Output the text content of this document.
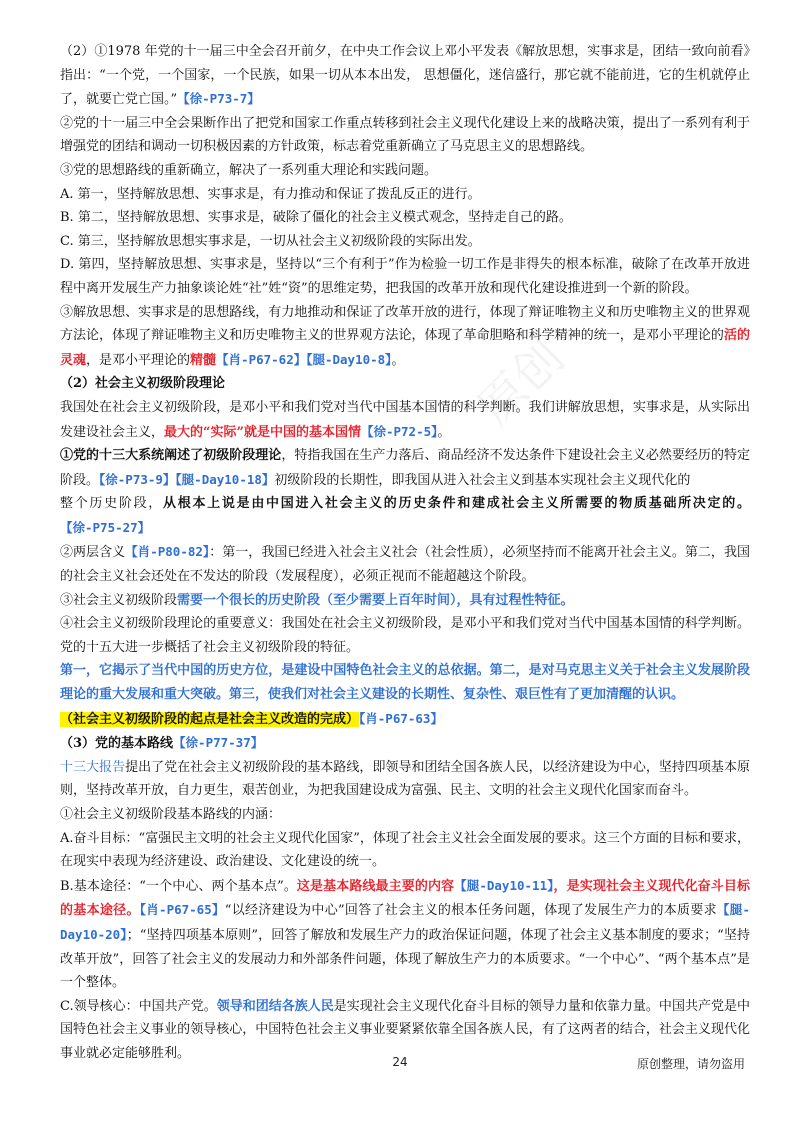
原创

（2）①1978 年党的十一届三中全会召开前夕，在中央工作会议上邓小平发表《解放思想，实事求是，团结一致向前看》指出：“一个党，一个国家，一个民族，如果一切从本本出发， 思想僵化，迷信盛行，那它就不能前进，它的生机就停止了，就要亡党亡国。”【徐-P73-7】

②党的十一届三中全会果断作出了把党和国家工作重点转移到社会主义现代化建设上来的战略决策，提出了一系列有利于增强党的团结和调动一切积极因素的方针政策，标志着党重新确立了马克思主义的思想路线。

③党的思想路线的重新确立，解决了一系列重大理论和实践问题。

A. 第一，坚持解放思想、实事求是，有力推动和保证了拨乱反正的进行。

B. 第二，坚持解放思想、实事求是，破除了僵化的社会主义模式观念，坚持走自己的路。

C. 第三，坚持解放思想实事求是，一切从社会主义初级阶段的实际出发。

D. 第四，坚持解放思想、实事求是，坚持以“三个有利于”作为检验一切工作是非得失的根本标准，破除了在改革开放进程中离开发展生产力抽象谈论姓“社”姓“资”的思维定势，把我国的改革开放和现代化建设推进到一个新的阶段。

③解放思想、实事求是的思想路线，有力地推动和保证了改革开放的进行，体现了辩证唯物主义和历史唯物主义的世界观方法论，体现了辩证唯物主义和历史唯物主义的世界观方法论，体现了革命胆略和科学精神的统一，是邓小平理论的活的灵魂，是邓小平理论的精髓【肖-P67-62】【腿-Day10-8】。

（2）社会主义初级阶段理论

我国处在社会主义初级阶段，是邓小平和我们党对当代中国基本国情的科学判断。我们讲解放思想，实事求是，从实际出发建设社会主义，最大的“实际”就是中国的基本国情【徐-P72-5】。

①党的十三大系统阐述了初级阶段理论，特指我国在生产力落后、商品经济不发达条件下建设社会主义必然要经历的特定阶段。【徐-P73-9】【腿-Day10-18】初级阶段的长期性，即我国从进入社会主义到基本实现社会主义现代化的

整个历史阶段，从根本上说是由中国进入社会主义的历史条件和建成社会主义所需要的物质基础所决定的。【徐-P75-27】

②两层含义【肖-P80-82】：第一，我国已经进入社会主义社会（社会性质），必须坚持而不能离开社会主义。第二，我国的社会主义社会还处在不发达的阶段（发展程度），必须正视而不能超越这个阶段。

③社会主义初级阶段需要一个很长的历史阶段（至少需要上百年时间），具有过程性特征。

④社会主义初级阶段理论的重要意义：我国处在社会主义初级阶段，是邓小平和我们党对当代中国基本国情的科学判断。党的十五大进一步概括了社会主义初级阶段的特征。

第一，它揭示了当代中国的历史方位，是建设中国特色社会主义的总依据。第二，是对马克思主义关于社会主义发展阶段理论的重大发展和重大突破。第三，使我们对社会主义建设的长期性、复杂性、艰巨性有了更加清醒的认识。

（社会主义初级阶段的起点是社会主义改造的完成）【肖-P67-63】

（3）党的基本路线【徐-P77-37】

十三大报告提出了党在社会主义初级阶段的基本路线，即领导和团结全国各族人民，以经济建设为中心，坚持四项基本原则，坚持改革开放，自力更生，艰苦创业，为把我国建设成为富强、民主、文明的社会主义现代化国家而奋斗。

①社会主义初级阶段基本路线的内涵：

A.奋斗目标：“富强民主文明的社会主义现代化国家”，体现了社会主义社会全面发展的要求。这三个方面的目标和要求，在现实中表现为经济建设、政治建设、文化建设的统一。

B.基本途径：“一个中心、两个基本点”。这是基本路线最主要的内容【腿-Day10-11】，是实现社会主义现代化奋斗目标的基本途径。【肖-P67-65】“以经济建设为中心”回答了社会主义的根本任务问题，体现了发展生产力的本质要求【腿-Day10-20】；“坚持四项基本原则”，回答了解放和发展生产力的政治保证问题，体现了社会主义基本制度的要求；“坚持改革开放”，回答了社会主义的发展动力和外部条件问题，体现了解放生产力的本质要求。“一个中心”、“两个基本点”是一个整体。

C.领导核心：中国共产党。领导和团结各族人民是实现社会主义现代化奋斗目标的领导力量和依靠力量。中国共产党是中国特色社会主义事业的领导核心，中国特色社会主义事业要紧紧依靠全国各族人民，有了这两者的结合，社会主义现代化事业就必定能够胜利。

24	原创整理，请勿盗用
